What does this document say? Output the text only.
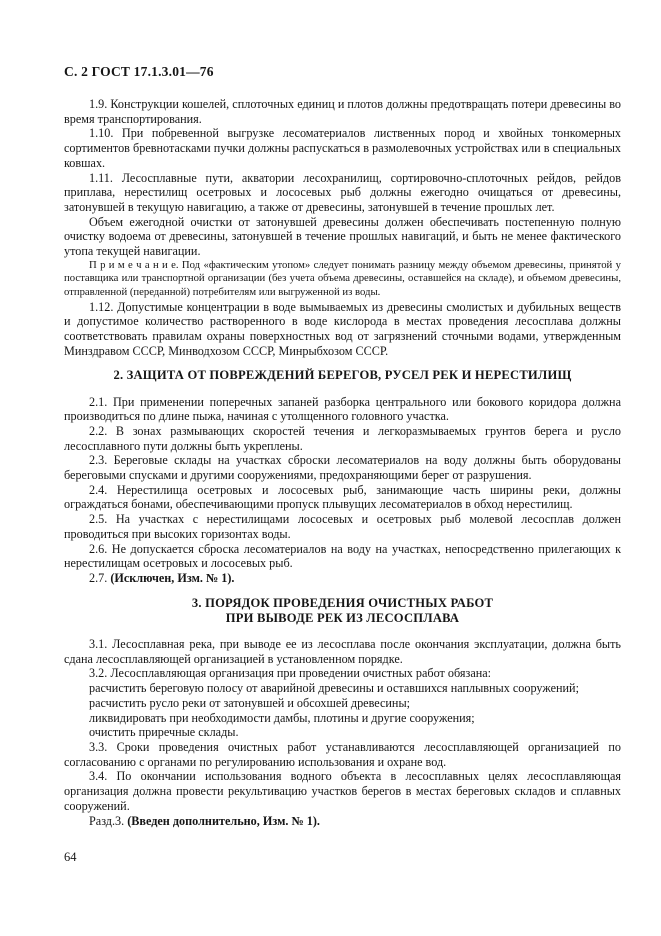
С. 2 ГОСТ 17.1.3.01—76
1.9. Конструкции кошелей, сплоточных единиц и плотов должны предотвращать потери древесины во время транспортирования.
1.10. При побревенной выгрузке лесоматериалов лиственных пород и хвойных тонкомерных сортиментов бревнотасками пучки должны распускаться в размолевочных устройствах или в специальных ковшах.
1.11. Лесосплавные пути, акватории лесохранилищ, сортировочно-сплоточных рейдов, рейдов приплава, нерестилищ осетровых и лососевых рыб должны ежегодно очищаться от древесины, затонувшей в текущую навигацию, а также от древесины, затонувшей в течение прошлых лет.
Объем ежегодной очистки от затонувшей древесины должен обеспечивать постепенную полную очистку водоема от древесины, затонувшей в течение прошлых навигаций, и быть не менее фактического утопа текущей навигации.
П р и м е ч а н и е. Под «фактическим утопом» следует понимать разницу между объемом древесины, принятой у поставщика или транспортной организации (без учета объема древесины, оставшейся на складе), и объемом древесины, отправленной (переданной) потребителям или выгруженной из воды.
1.12. Допустимые концентрации в воде вымываемых из древесины смолистых и дубильных веществ и допустимое количество растворенного в воде кислорода в местах проведения лесосплава должны соответствовать правилам охраны поверхностных вод от загрязнений сточными водами, утвержденным Минздравом СССР, Минводхозом СССР, Минрыбхозом СССР.
2. ЗАЩИТА ОТ ПОВРЕЖДЕНИЙ БЕРЕГОВ, РУСЕЛ РЕК И НЕРЕСТИЛИЩ
2.1. При применении поперечных запаней разборка центрального или бокового коридора должна производиться по длине пыжа, начиная с утолщенного головного участка.
2.2. В зонах размывающих скоростей течения и легкоразмываемых грунтов берега и русло лесосплавного пути должны быть укреплены.
2.3. Береговые склады на участках сброски лесоматериалов на воду должны быть оборудованы береговыми спусками и другими сооружениями, предохраняющими берег от разрушения.
2.4. Нерестилища осетровых и лососевых рыб, занимающие часть ширины реки, должны ограждаться бонами, обеспечивающими пропуск плывущих лесоматериалов в обход нерестилищ.
2.5. На участках с нерестилищами лососевых и осетровых рыб молевой лесосплав должен проводиться при высоких горизонтах воды.
2.6. Не допускается сброска лесоматериалов на воду на участках, непосредственно прилегающих к нерестилищам осетровых и лососевых рыб.
2.7. (Исключен, Изм. № 1).
3. ПОРЯДОК ПРОВЕДЕНИЯ ОЧИСТНЫХ РАБОТ
ПРИ ВЫВОДЕ РЕК ИЗ ЛЕСОСПЛАВА
3.1. Лесосплавная река, при выводе ее из лесосплава после окончания эксплуатации, должна быть сдана лесосплавляющей организацией в установленном порядке.
3.2. Лесосплавляющая организация при проведении очистных работ обязана:
расчистить береговую полосу от аварийной древесины и оставшихся наплывных сооружений;
расчистить русло реки от затонувшей и обсохшей древесины;
ликвидировать при необходимости дамбы, плотины и другие сооружения;
очистить приречные склады.
3.3. Сроки проведения очистных работ устанавливаются лесосплавляющей организацией по согласованию с органами по регулированию использования и охране вод.
3.4. По окончании использования водного объекта в лесосплавных целях лесосплавляющая организация должна провести рекультивацию участков берегов в местах береговых складов и сплавных сооружений.
Разд.3. (Введен дополнительно, Изм. № 1).
64
